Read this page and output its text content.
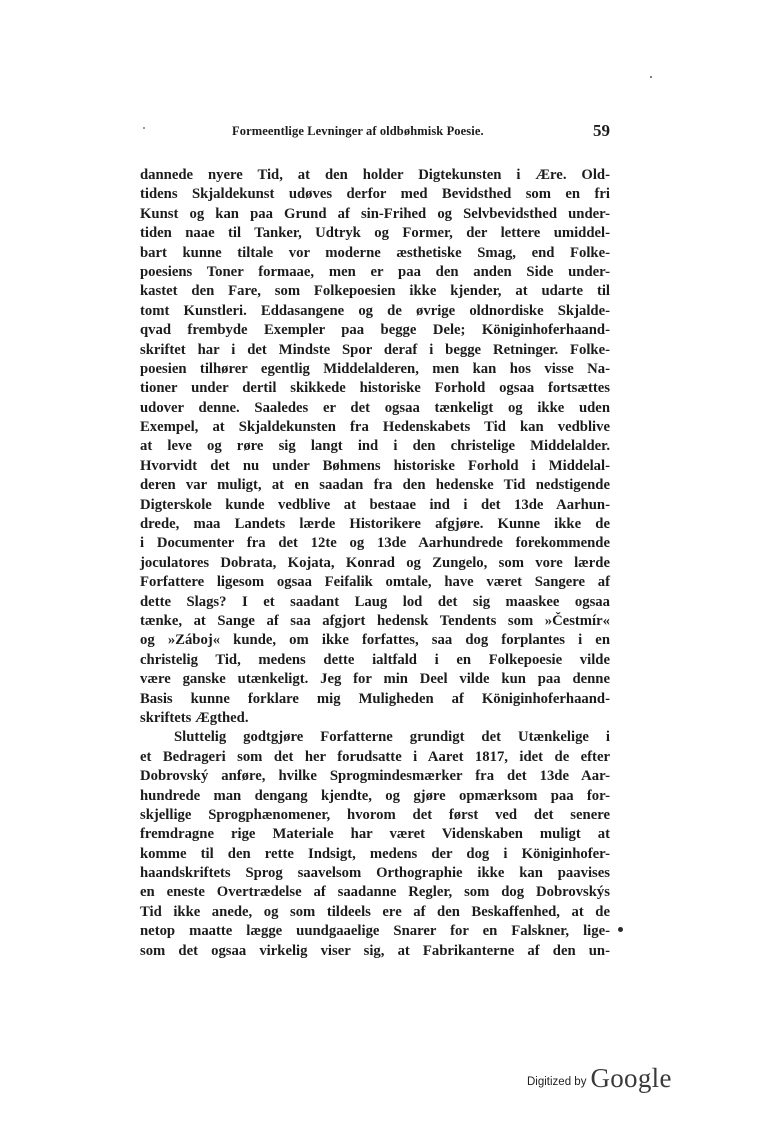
Formeentlige Levninger af oldbøhmisk Poesie.	59
dannede nyere Tid, at den holder Digtekunsten i Ære. Old-
tidens Skjaldekunst udøves derfor med Bevidsthed som en fri
Kunst og kan paa Grund af sin-Frihed og Selvbevidsthed under-
tiden naae til Tanker, Udtryk og Former, der lettere umiddel-
bart kunne tiltale vor moderne æsthetiske Smag, end Folke-
poesiens Toner formaae, men er paa den anden Side under-
kastet den Fare, som Folkepoesien ikke kjender, at udarte til
tomt Kunstleri. Eddasangene og de øvrige oldnordiske Skjalde-
qvad frembyde Exempler paa begge Dele; Königinhoferhaand-
skriftet har i det Mindste Spor deraf i begge Retninger. Folke-
poesien tilhører egentlig Middelalderen, men kan hos visse Na-
tioner under dertil skikkede historiske Forhold ogsaa fortsættes
udover denne. Saaledes er det ogsaa tænkeligt og ikke uden
Exempel, at Skjaldekunsten fra Hedenskabets Tid kan vedblive
at leve og røre sig langt ind i den christelige Middelalder.
Hvorvidt det nu under Bøhmens historiske Forhold i Middelal-
deren var muligt, at en saadan fra den hedenske Tid nedstigende
Digterskole kunde vedblive at bestaae ind i det 13de Aarhun-
drede, maa Landets lærde Historikere afgjøre. Kunne ikke de
i Documenter fra det 12te og 13de Aarhundrede forekommende
joculatores Dobrata, Kojata, Konrad og Zungelo, som vore lærde
Forfattere ligesom ogsaa Feifalik omtale, have været Sangere af
dette Slags? I et saadant Laug lod det sig maaskee ogsaa
tænke, at Sange af saa afgjort hedensk Tendents som »Čestmír«
og »Záboj« kunde, om ikke forfattes, saa dog forplantes i en
christelig Tid, medens dette ialtfald i en Folkepoesie vilde
være ganske utænkeligt. Jeg for min Deel vilde kun paa denne
Basis kunne forklare mig Muligheden af Königinhoferhaand-
skriftets Ægthed.
Sluttelig godtgjøre Forfatterne grundigt det Utænkelige i
et Bedrageri som det her forudsatte i Aaret 1817, idet de efter
Dobrovský anføre, hvilke Sprogmindesmærker fra det 13de Aar-
hundrede man dengang kjendte, og gjøre opmærksom paa for-
skjellige Sprogphænomener, hvorom det først ved det senere
fremdragne rige Materiale har været Videnskaben muligt at
komme til den rette Indsigt, medens der dog i Königinhofer-
haandskriftets Sprog saavelsom Orthographie ikke kan paavises
en eneste Overtrædelse af saadanne Regler, som dog Dobrovskýs
Tid ikke anede, og som tildeels ere af den Beskaffenhed, at de
netop maatte lægge uundgaaelige Snarer for en Falskner, lige-
som det ogsaa virkelig viser sig, at Fabrikanterne af den un-
Digitized by Google
